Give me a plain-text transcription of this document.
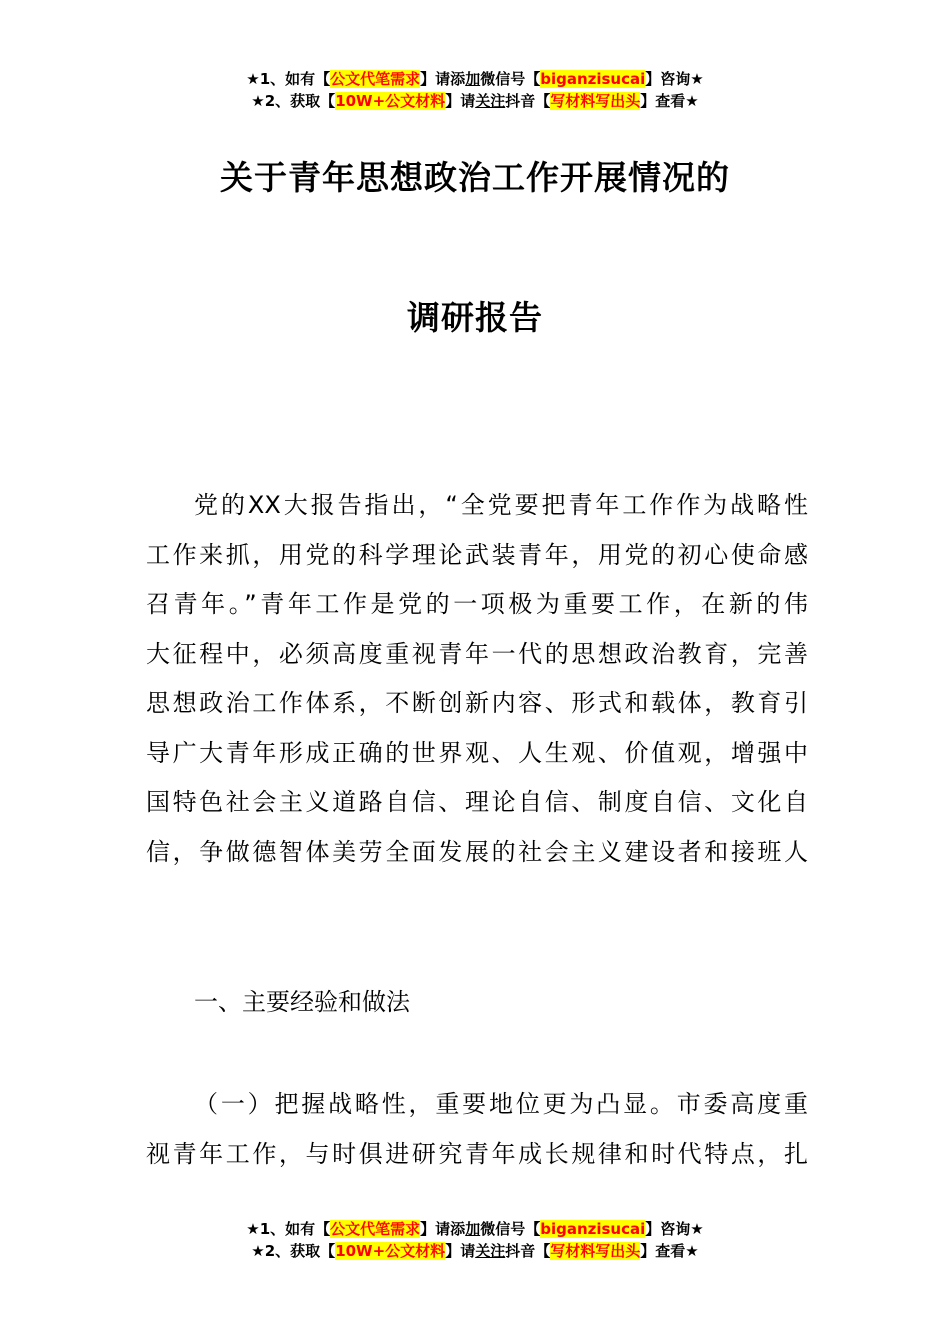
★1、如有【公文代笔需求】请添加微信号【biganzisucai】咨询★
★2、获取【10W+公文材料】请关注抖音【写材料写出头】查看★
关于青年思想政治工作开展情况的
调研报告
党的XX大报告指出，“全党要把青年工作作为战略性
工作来抓，用党的科学理论武装青年，用党的初心使命感
召青年。”青年工作是党的一项极为重要工作，在新的伟
大征程中，必须高度重视青年一代的思想政治教育，完善
思想政治工作体系，不断创新内容、形式和载体，教育引
导广大青年形成正确的世界观、人生观、价值观，增强中
国特色社会主义道路自信、理论自信、制度自信、文化自
信，争做德智体美劳全面发展的社会主义建设者和接班人
一、主要经验和做法
（一）把握战略性，重要地位更为凸显。市委高度重
视青年工作，与时俱进研究青年成长规律和时代特点，扎
★1、如有【公文代笔需求】请添加微信号【biganzisucai】咨询★
★2、获取【10W+公文材料】请关注抖音【写材料写出头】查看★
